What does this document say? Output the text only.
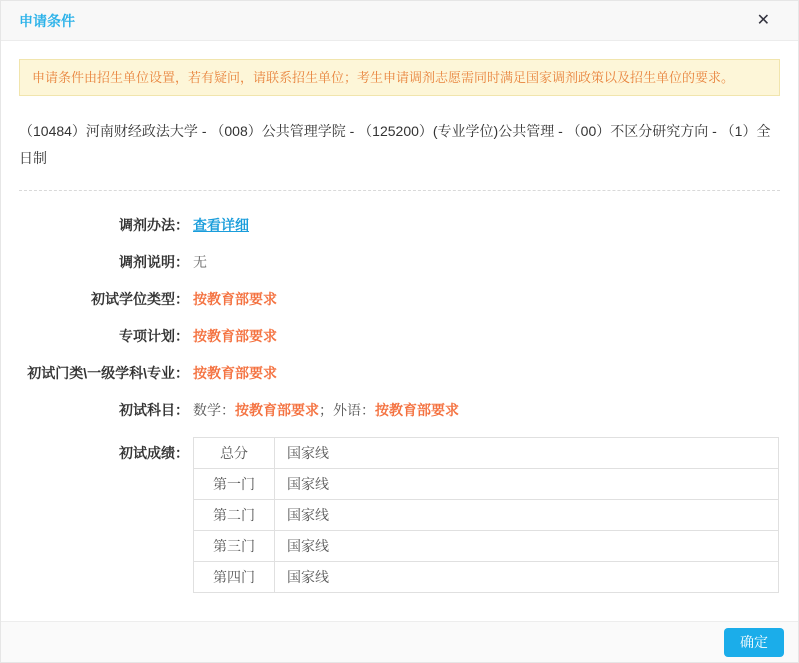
申请条件	✕
申请条件由招生单位设置，若有疑问，请联系招生单位；考生申请调剂志愿需同时满足国家调剂政策以及招生单位的要求。
（10484）河南财经政法大学 - （008）公共管理学院 - （125200）(专业学位)公共管理 - （00）不区分研究方向 - （1）全日制
调剂办法： 查看详细
调剂说明： 无
初试学位类型： 按教育部要求
专项计划： 按教育部要求
初试门类\一级学科\专业： 按教育部要求
初试科目： 数学：按教育部要求；外语：按教育部要求
初试成绩： 总分	国家线
第一门	国家线
第二门	国家线
第三门	国家线
第四门	国家线
确定
